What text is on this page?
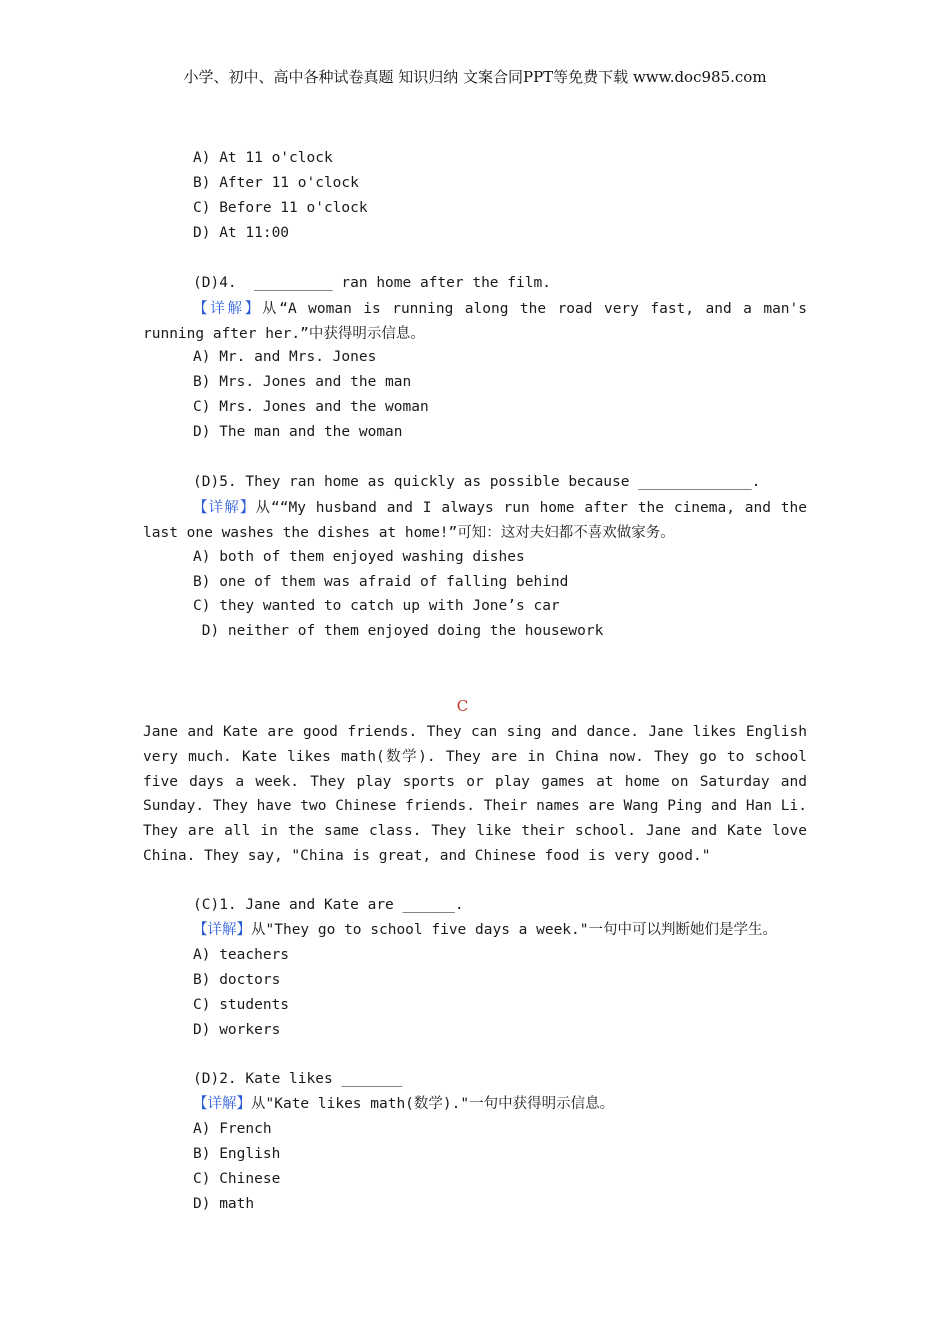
小学、初中、高中各种试卷真题 知识归纳 文案合同PPT等免费下载 www.doc985.com
A) At 11 o'clock
B) After 11 o'clock
C) Before 11 o'clock
D) At 11:00
(D)4.  _________ ran home after the film.
【详解】从“A woman is running along the road very fast, and a man's running after her.”中获得明示信息。
A) Mr. and Mrs. Jones
B) Mrs. Jones and the man
C) Mrs. Jones and the woman
D) The man and the woman
(D)5. They ran home as quickly as possible because _____________.
【详解】从““My husband and I always run home after the cinema, and the last one washes the dishes at home!”可知：这对夫妇都不喜欢做家务。
A) both of them enjoyed washing dishes
B) one of them was afraid of falling behind
C) they wanted to catch up with Jone’s car
D) neither of them enjoyed doing the housework
C
Jane and Kate are good friends. They can sing and dance. Jane likes English very much. Kate likes math(数学). They are in China now. They go to school five days a week. They play sports or play games at home on Saturday and Sunday. They have two Chinese friends. Their names are Wang Ping and Han Li. They are all in the same class. They like their school. Jane and Kate love China. They say, "China is great, and Chinese food is very good."
(C)1. Jane and Kate are ______.
【详解】从"They go to school five days a week."一句中可以判断她们是学生。
A) teachers
B) doctors
C) students
D) workers
(D)2. Kate likes _______
【详解】从"Kate likes math(数学)."一句中获得明示信息。
A) French
B) English
C) Chinese
D) math
